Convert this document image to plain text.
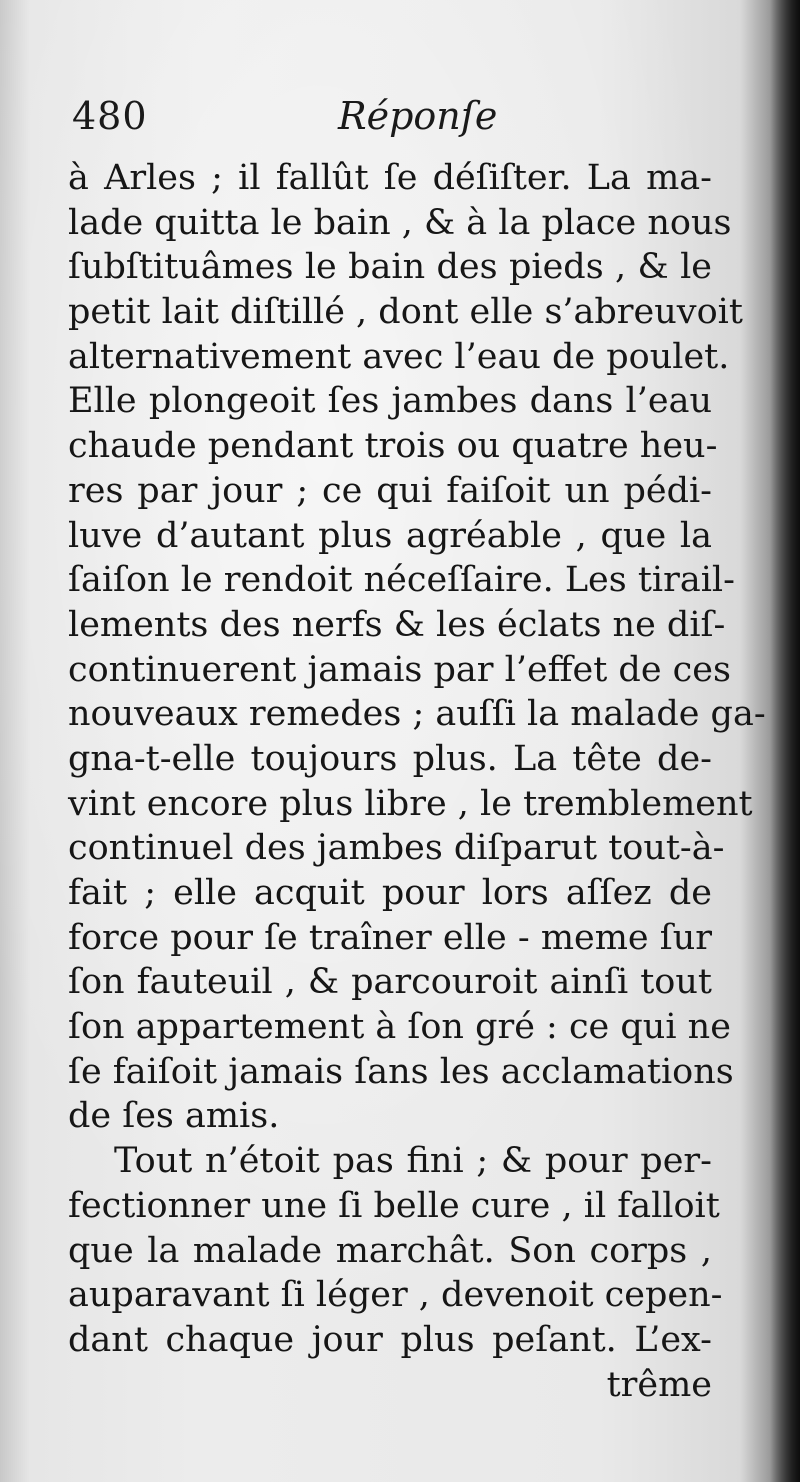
480	Réponſe
à Arles ; il fallût ſe déſiſter. La ma-
lade quitta le bain , & à la place nous
ſubſtituâmes le bain des pieds , & le
petit lait diſtillé , dont elle s’abreuvoit
alternativement avec l’eau de poulet.
Elle plongeoit ſes jambes dans l’eau
chaude pendant trois ou quatre heu-
res par jour ; ce qui faiſoit un pédi-
luve d’autant plus agréable , que la
ſaiſon le rendoit néceſſaire. Les tirail-
lements des nerfs & les éclats ne diſ-
continuerent jamais par l’effet de ces
nouveaux remedes ; auſſi la malade ga-
gna-t-elle toujours plus. La tête de-
vint encore plus libre , le tremblement
continuel des jambes diſparut tout-à-
fait ; elle acquit pour lors aſſez de
force pour ſe traîner elle - meme ſur
ſon fauteuil , & parcouroit ainſi tout
ſon appartement à ſon gré : ce qui ne
ſe faiſoit jamais ſans les acclamations
de ſes amis.
Tout n’étoit pas fini ; & pour per-
fectionner une ſi belle cure , il falloit
que la malade marchât. Son corps ,
auparavant ſi léger , devenoit cepen-
dant chaque jour plus peſant. L’ex-
trême
